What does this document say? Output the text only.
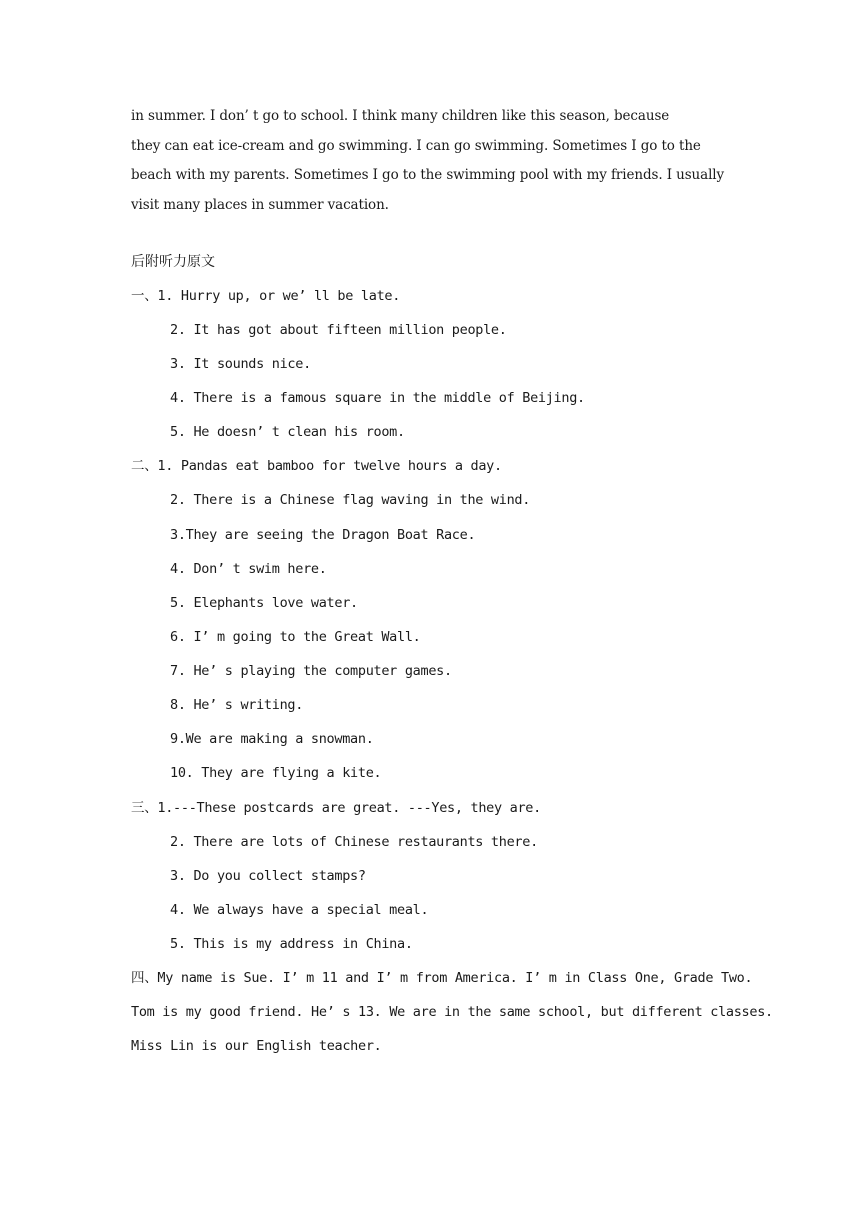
in summer. I don’ t go to school. I think many children like this season, because
they can eat ice-cream and go swimming. I can go swimming. Sometimes I go to the
beach with my parents. Sometimes I go to the swimming pool with my friends. I usually
visit many places in summer vacation.
后附听力原文
一、1. Hurry up, or we’ ll be late.
2. It has got about fifteen million people.
3. It sounds nice.
4. There is a famous square in the middle of Beijing.
5. He doesn’ t clean his room.
二、1. Pandas eat bamboo for twelve hours a day.
2. There is a Chinese flag waving in the wind.
3.They are seeing the Dragon Boat Race.
4. Don’ t swim here.
5. Elephants love water.
6. I’ m going to the Great Wall.
7. He’ s playing the computer games.
8. He’ s writing.
9.We are making a snowman.
10. They are flying a kite.
三、1.---These postcards are great. ---Yes, they are.
2. There are lots of Chinese restaurants there.
3. Do you collect stamps?
4. We always have a special meal.
5. This is my address in China.
四、My name is Sue. I’ m 11 and I’ m from America. I’ m in Class One, Grade Two.
Tom is my good friend. He’ s 13. We are in the same school, but different classes.
Miss Lin is our English teacher.
